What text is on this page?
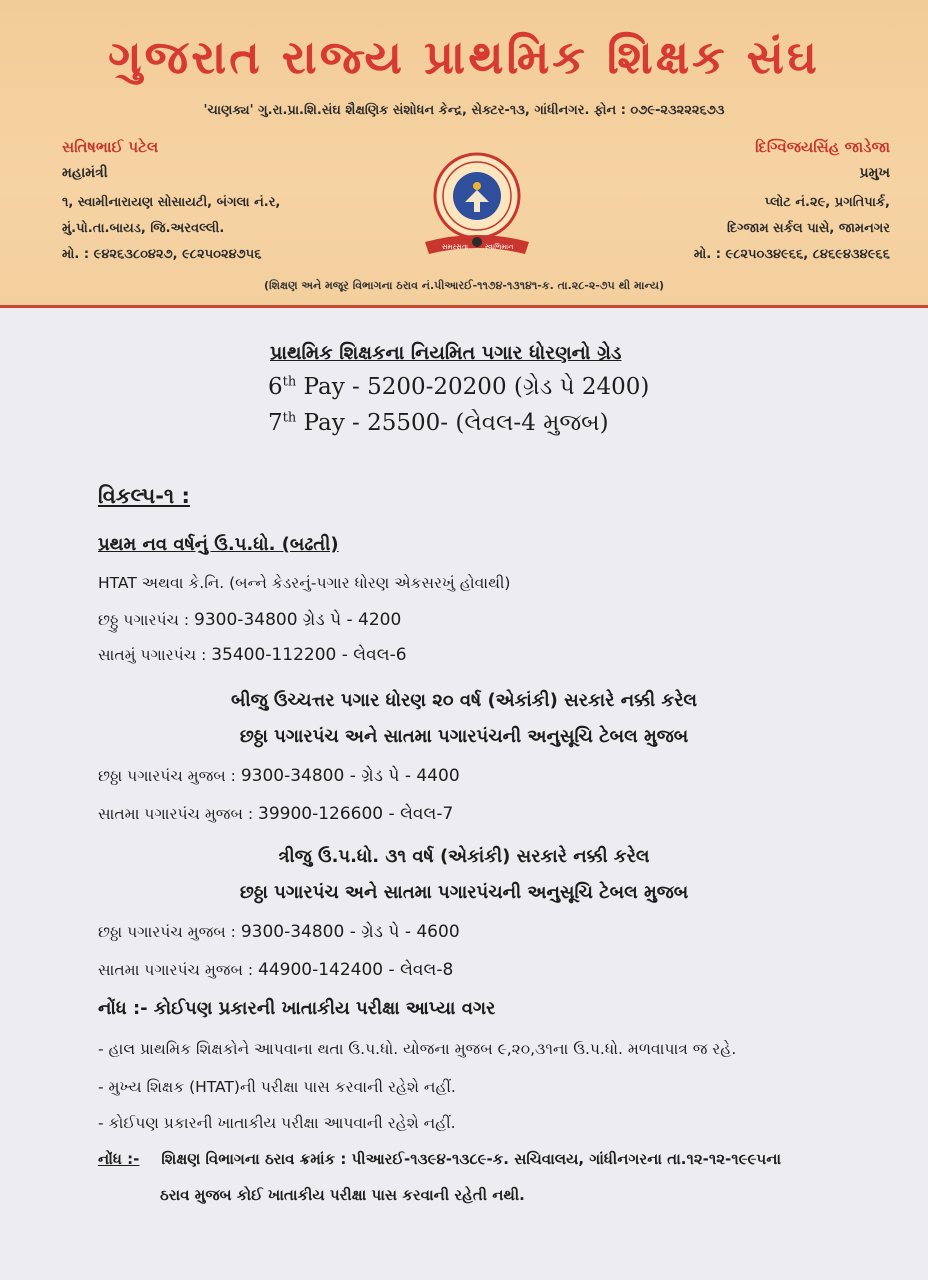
ગુજરાત રાજ્ય પ્રાથમિક શિક્ષક સંઘ
'ચાણક્ય' ગુ.રા.પ્રા.શિ.સંઘ શૈક્ષણિક સંશોધન કેન્દ્ર, સેક્ટર-૧૩, ગાંધીનગર. ફોન : ૦૭૯-૨૩૨૨૨૬૭૩
સતિષભાઈ પટેલ
મહામંત્રી
૧, સ્વામીનારાયણ સોસાયટી, બંગલા નં.ર,
મું.પો.તા.બાયડ, જિ.અરવલ્લી.
મો. : ૯૪૨૬૩૮૦૪૨૭, ૯૮૨૫૦૨૪૭૫૬	સમરસતા સ્વાભિમાન
દિગ્વિજયસિંહ જાડેજા
પ્રમુખ
પ્લોટ નં.૨૯, પ્રગતિપાર્ક,
દિગ્જામ સર્કલ પાસે, જામનગર
મો. : ૯૮૨૫૦૩૪૯૬૬, ૮૪૬૯૪૩૪૯૬૬
(શિક્ષણ અને મજૂર વિભાગના ઠરાવ નં.પીઆરઈ-૧૧૭૪-૧૩૧૪૧-ક. તા.૨૮-૨-૭૫ થી માન્ય)
પ્રાથમિક શિક્ષકના નિયમિત પગાર ધોરણનો ગ્રેડ
6th Pay - 5200-20200 (ગ્રેડ પે 2400)
7th Pay - 25500- (લેવલ-4 મુજબ)
વિકલ્પ-૧ :
પ્રથમ નવ વર્ષનું ઉ.પ.ધો. (બઢતી)
HTAT અથવા કે.નિ. (બન્ને કેડરનું-પગાર ધોરણ એકસરખું હોવાથી)
છઠ્ઠુ પગારપંચ : 9300-34800 ગ્રેડ પે - 4200
સાતમું પગારપંચ : 35400-112200 - લેવલ-6
બીજુ ઉચ્ચત્તર પગાર ધોરણ ૨૦ વર્ષ (એકાંકી) સરકારે નક્કી કરેલ
છઠ્ઠા પગારપંચ અને સાતમા પગારપંચની અનુસૂચિ ટેબલ મુજબ
છઠ્ઠા પગારપંચ મુજબ : 9300-34800 - ગ્રેડ પે - 4400
સાતમા પગારપંચ મુજબ : 39900-126600 - લેવલ-7
ત્રીજુ ઉ.પ.ધો. ૩૧ વર્ષ (એકાંકી) સરકારે નક્કી કરેલ
છઠ્ઠા પગારપંચ અને સાતમા પગારપંચની અનુસૂચિ ટેબલ મુજબ
છઠ્ઠા પગારપંચ મુજબ : 9300-34800 - ગ્રેડ પે - 4600
સાતમા પગારપંચ મુજબ : 44900-142400 - લેવલ-8
નોંધ :- કોઈપણ પ્રકારની ખાતાકીય પરીક્ષા આપ્યા વગર
- હાલ પ્રાથમિક શિક્ષકોને આપવાના થતા ઉ.પ.ધો. યોજના મુજબ ૯,૨૦,૩૧ના ઉ.પ.ધો. મળવાપાત્ર જ રહે.
- મુખ્ય શિક્ષક (HTAT)ની પરીક્ષા પાસ કરવાની રહેશે નહીં.
- કોઈપણ પ્રકારની ખાતાકીય પરીક્ષા આપવાની રહેશે નહીં.
નોંધ :- શિક્ષણ વિભાગના ઠરાવ ક્રમાંક : પીઆરઈ-૧૩૯૪-૧૩૮૯-ક. સચિવાલય, ગાંધીનગરના તા.૧૨-૧૨-૧૯૯૫ના
ઠરાવ મુજબ કોઈ ખાતાકીય પરીક્ષા પાસ કરવાની રહેતી નથી.
